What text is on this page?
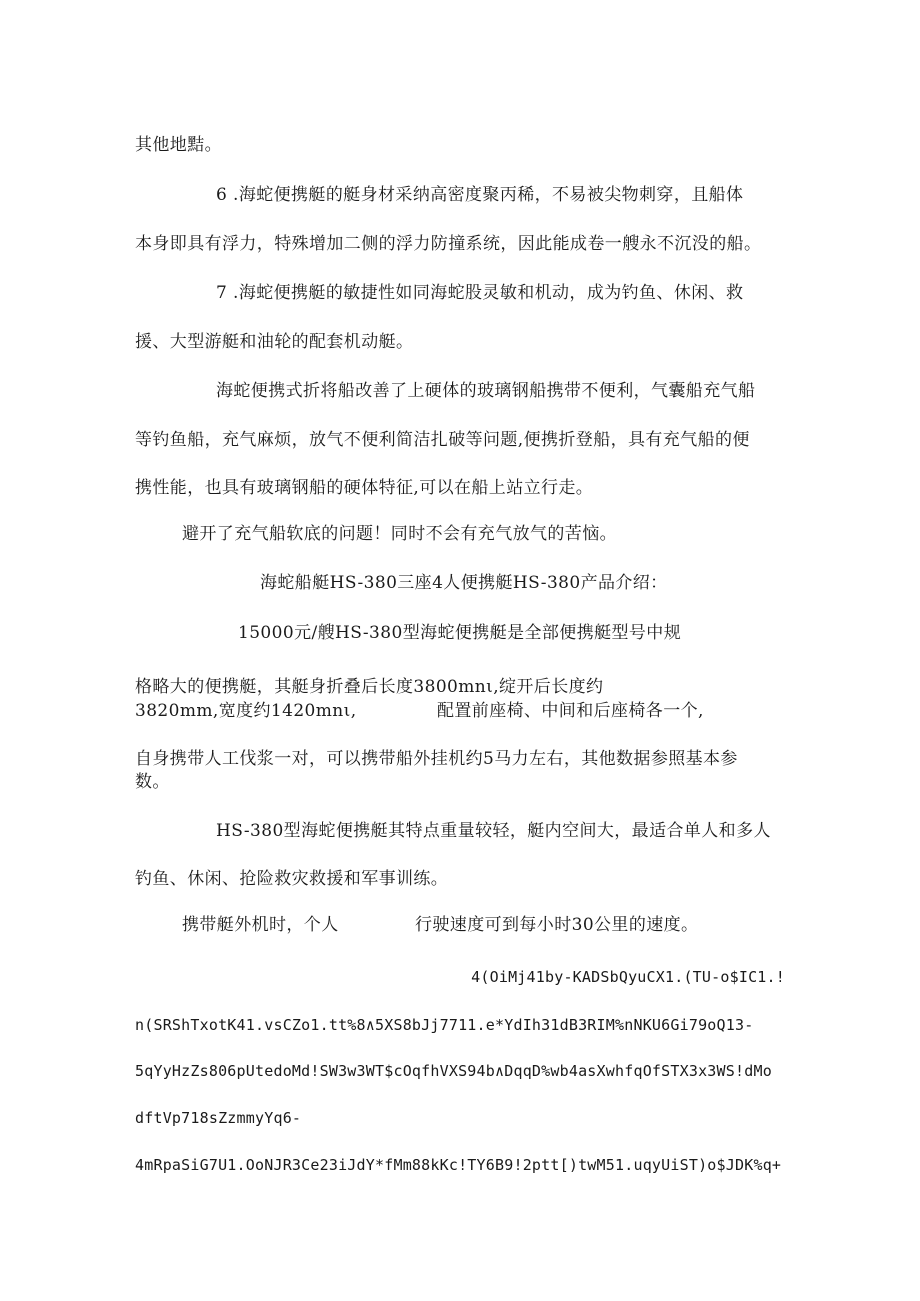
其他地黠。
6 .海蛇便携艇的艇身材采纳高密度聚丙稀，不易被尖物刺穿，且船体
本身即具有浮力，特殊增加二侧的浮力防撞系统，因此能成卷一艘永不沉没的船。
7 .海蛇便携艇的敏捷性如同海蛇股灵敏和机动，成为钓鱼、休闲、救
援、大型游艇和油轮的配套机动艇。
海蛇便携式折将船改善了上硬体的玻璃钢船携带不便利，气囊船充气船
等钓鱼船，充气麻烦，放气不便利简洁扎破等问题,便携折登船，具有充气船的便
携性能，也具有玻璃钢船的硬体特征,可以在船上站立行走。
避开了充气船软底的问题！同时不会有充气放气的苦恼。
海蛇船艇HS-380三座4人便携艇HS-380产品介绍：
15000元/艘HS-380型海蛇便携艇是全部便携艇型号中规
格略大的便携艇，其艇身折叠后长度3800mnι,绽开后长度约
3820mm,宽度约1420mnι,	配置前座椅、中间和后座椅各一个,
自身携带人工伐浆一对，可以携带船外挂机约5马力左右，其他数据参照基本参
数。
HS-380型海蛇便携艇其特点重量较轻，艇内空间大，最适合单人和多人
钓鱼、休闲、抢险救灾救援和军事训练。
携带艇外机时，个人	行驶速度可到每小时30公里的速度。
4(OiMj41by-KADSbQyuCX1.(TU-o$IC1.!
n(SRShTxotK41.vsCZo1.tt%8∧5XS8bJj7711.e*YdIh31dB3RIM%nNKU6Gi79oQ13-
5qYyHzZs806pUtedoMd!SW3w3WT$cOqfhVXS94b∧DqqD%wb4asXwhfqOfSTX3x3WS!dMo
dftVp718sZzmmyYq6-
4mRpaSiG7U1.OoNJR3Ce23iJdY*fMm88kKc!TY6B9!2ptt[)twM51.uqyUiST)o$JDK%q+
